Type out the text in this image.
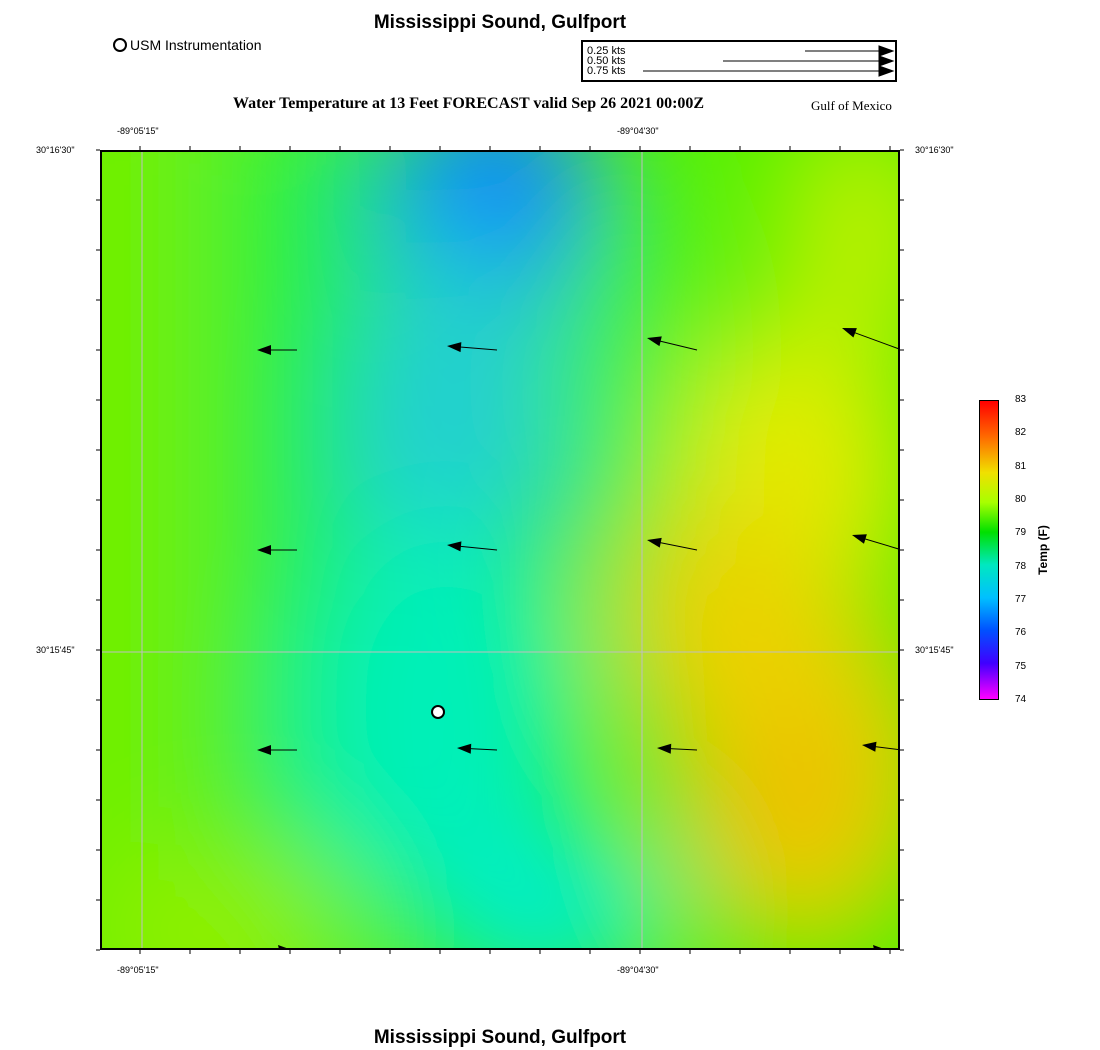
Mississippi Sound, Gulfport
USM Instrumentation	0.25 kts
0.50 kts
0.75 kts
Water Temperature at 13 Feet FORECAST valid Sep 26 2021 00:00Z	Gulf of Mexico
-89°05'15"	-89°04'30"
-89°05'15"	-89°04'30"
30°16'30"
30°15'45"
30°16'30"
30°15'45"
83
82
81
80
79
78
77
76
75
74
Temp (F)
Mississippi Sound, Gulfport
